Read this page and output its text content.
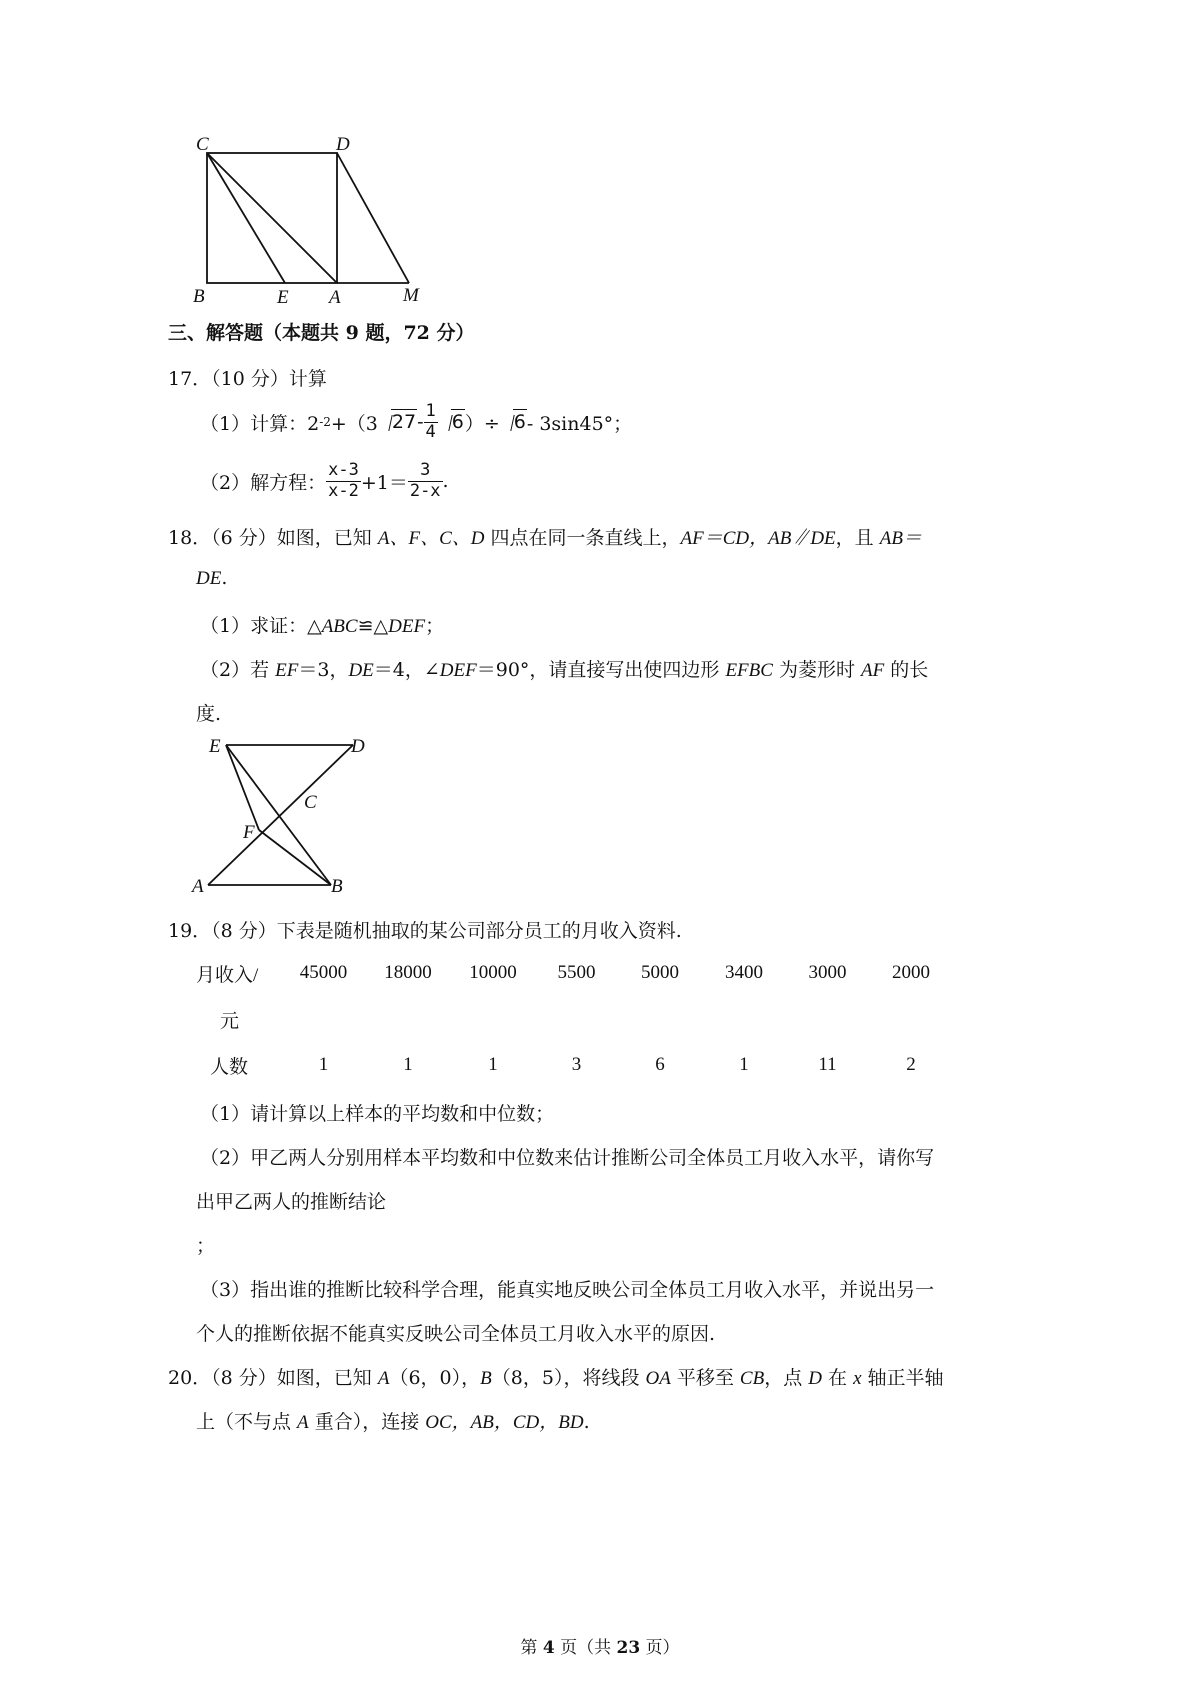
C	D
B	E A	M
三、解答题（本题共 9 题，72 分）
17．（10 分）计算
（1）计算：2 -2 +（3 $27 - \frac{1}{4} 6$ ）÷ 6 - 3sin45°；
（2）解方程： $\frac{x-3}{x-2} +1= \frac{3}{2-x}$ .
18．（6 分）如图，已知 A、F、C、D 四点在同一条直线上，AF＝CD，AB∥DE，且 AB＝
DE.
（1）求证：△ABC≌△DEF；
（2）若 EF＝3，DE＝4，∠DEF＝90°，请直接写出使四边形 EFBC 为菱形时 AF 的长
度.
E	D
C
F
A	B
19．（8 分）下表是随机抽取的某公司部分员工的月收入资料.
月收入/	45000	18000	10000	5500	5000	3400	3000	2000
元								
人数	1	1	1	3	6	1	11	2
（1）请计算以上样本的平均数和中位数；
（2）甲乙两人分别用样本平均数和中位数来估计推断公司全体员工月收入水平，请你写
出甲乙两人的推断结论
；
（3）指出谁的推断比较科学合理，能真实地反映公司全体员工月收入水平，并说出另一
个人的推断依据不能真实反映公司全体员工月收入水平的原因.
20．（8 分）如图，已知 A（6，0），B（8，5），将线段 OA 平移至 CB，点 D 在 x 轴正半轴
上（不与点 A 重合），连接 OC，AB，CD，BD.
第 4 页（共 23 页）
